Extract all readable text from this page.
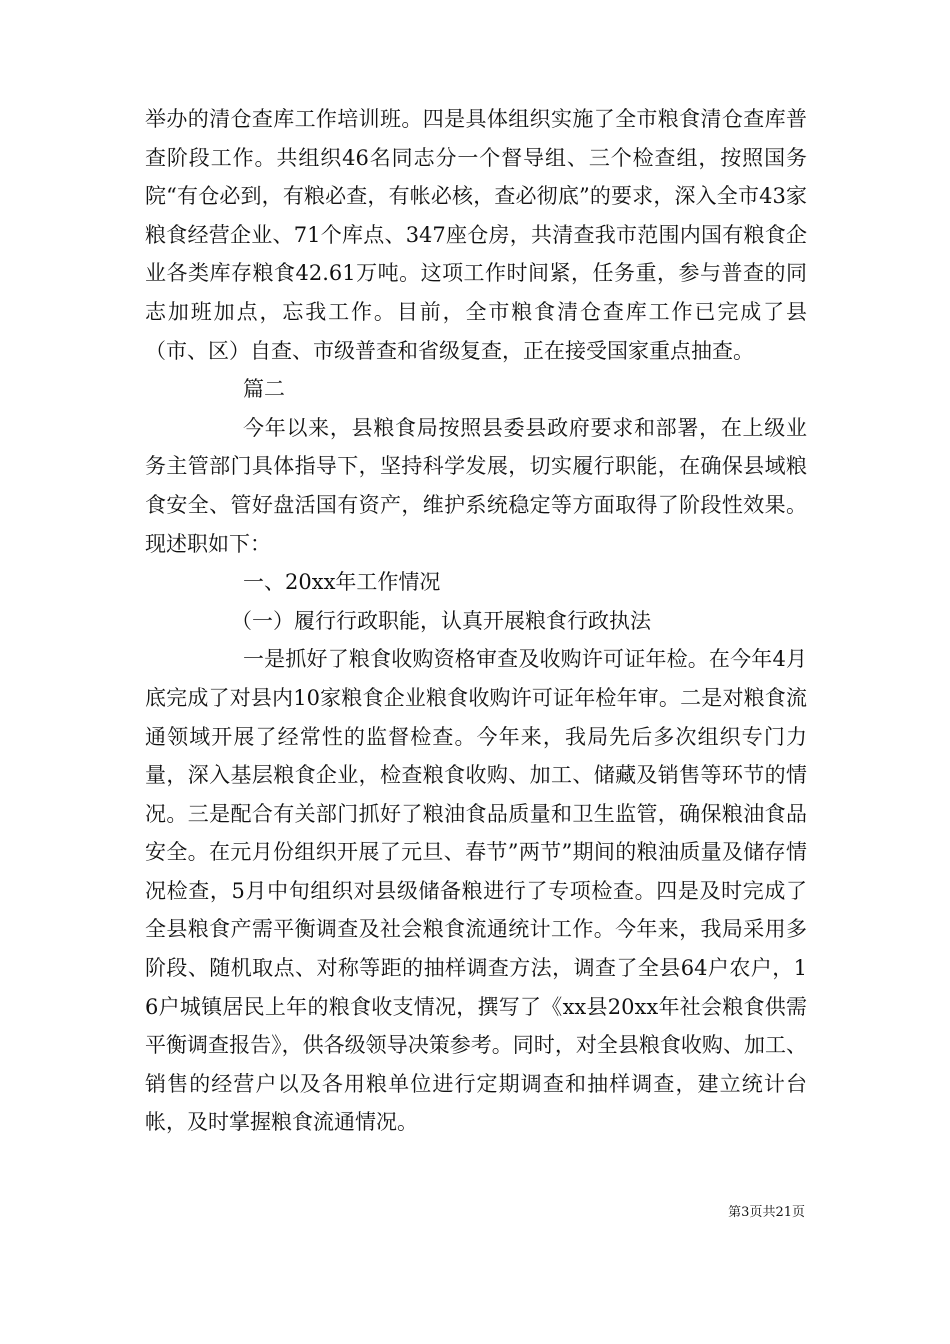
举办的清仓查库工作培训班。四是具体组织实施了全市粮食清仓查库普查阶段工作。共组织46名同志分一个督导组、三个检查组，按照国务院“有仓必到，有粮必查，有帐必核，查必彻底”的要求，深入全市43家粮食经营企业、71个库点、347座仓房，共清查我市范围内国有粮食企业各类库存粮食42.61万吨。这项工作时间紧，任务重，参与普查的同志加班加点，忘我工作。目前，全市粮食清仓查库工作已完成了县（市、区）自查、市级普查和省级复查，正在接受国家重点抽查。

篇二

今年以来，县粮食局按照县委县政府要求和部署，在上级业务主管部门具体指导下，坚持科学发展，切实履行职能，在确保县域粮食安全、管好盘活国有资产，维护系统稳定等方面取得了阶段性效果。现述职如下：

一、20xx年工作情况

（一）履行行政职能，认真开展粮食行政执法

一是抓好了粮食收购资格审查及收购许可证年检。在今年4月底完成了对县内10家粮食企业粮食收购许可证年检年审。二是对粮食流通领域开展了经常性的监督检查。今年来，我局先后多次组织专门力量，深入基层粮食企业，检查粮食收购、加工、储藏及销售等环节的情况。三是配合有关部门抓好了粮油食品质量和卫生监管，确保粮油食品安全。在元月份组织开展了元旦、春节”两节”期间的粮油质量及储存情况检查，5月中旬组织对县级储备粮进行了专项检查。四是及时完成了全县粮食产需平衡调查及社会粮食流通统计工作。今年来，我局采用多阶段、随机取点、对称等距的抽样调查方法，调查了全县64户农户，16户城镇居民上年的粮食收支情况，撰写了《xx县20xx年社会粮食供需平衡调查报告》，供各级领导决策参考。同时，对全县粮食收购、加工、销售的经营户以及各用粮单位进行定期调查和抽样调查，建立统计台帐，及时掌握粮食流通情况。

第3页共21页
